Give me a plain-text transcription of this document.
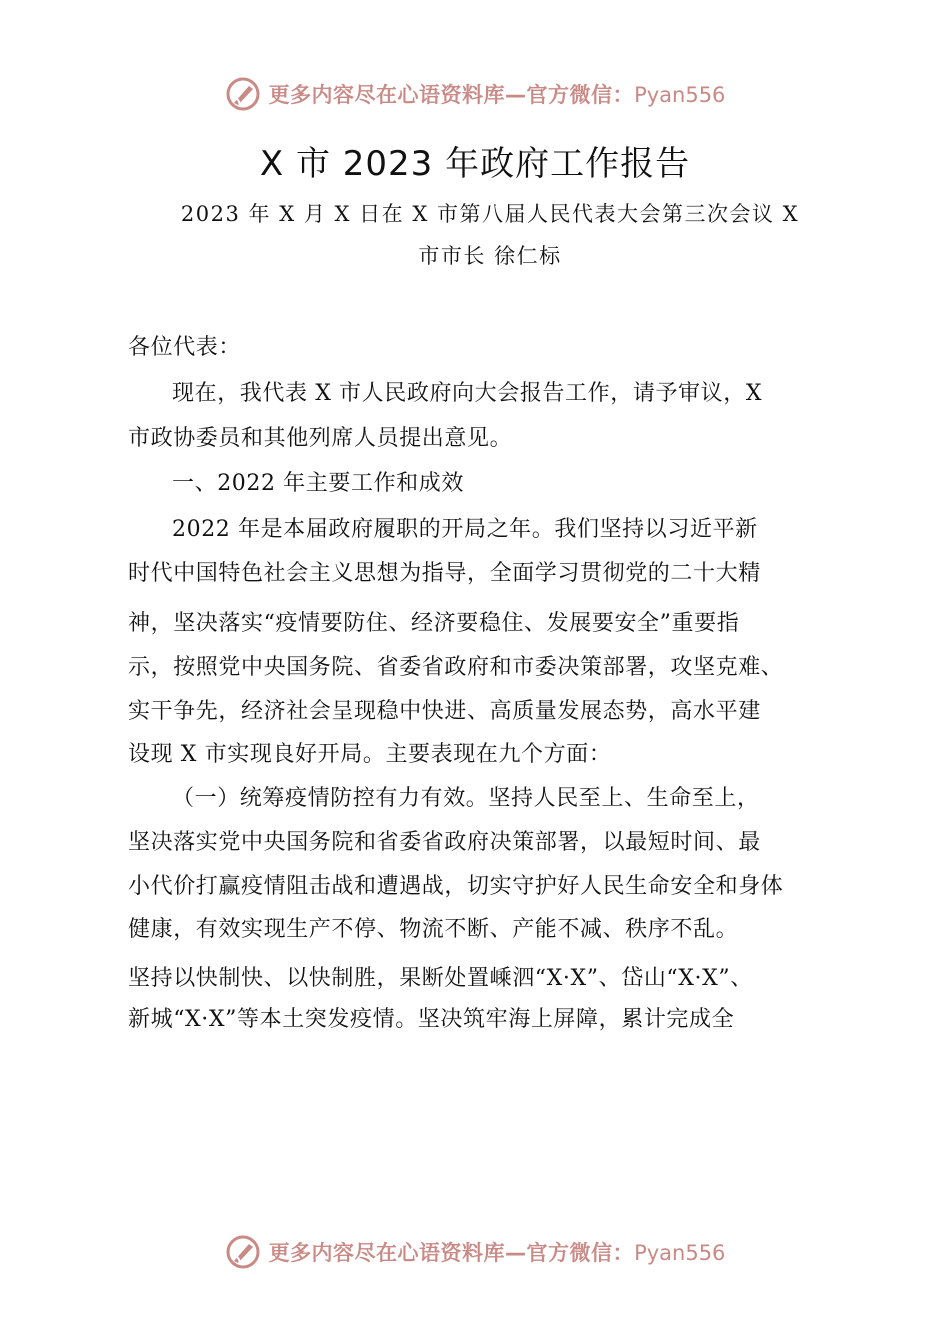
更多内容尽在心语资料库—官方微信：Pyan556
X 市 2023 年政府工作报告
2023 年 X 月 X 日在 X 市第八届人民代表大会第三次会议 X
市市长 徐仁标
各位代表：
现在，我代表 X 市人民政府向大会报告工作，请予审议，X
市政协委员和其他列席人员提出意见。
一、2022 年主要工作和成效
2022 年是本届政府履职的开局之年。我们坚持以习近平新
时代中国特色社会主义思想为指导，全面学习贯彻党的二十大精
神，坚决落实“疫情要防住、经济要稳住、发展要安全”重要指
示，按照党中央国务院、省委省政府和市委决策部署，攻坚克难、
实干争先，经济社会呈现稳中快进、高质量发展态势，高水平建
设现 X 市实现良好开局。主要表现在九个方面：
（一）统筹疫情防控有力有效。坚持人民至上、生命至上，
坚决落实党中央国务院和省委省政府决策部署，以最短时间、最
小代价打赢疫情阻击战和遭遇战，切实守护好人民生命安全和身体
健康，有效实现生产不停、物流不断、产能不减、秩序不乱。
坚持以快制快、以快制胜，果断处置嵊泗“X·X”、岱山“X·X”、
新城“X·X”等本土突发疫情。坚决筑牢海上屏障，累计完成全
更多内容尽在心语资料库—官方微信：Pyan556
